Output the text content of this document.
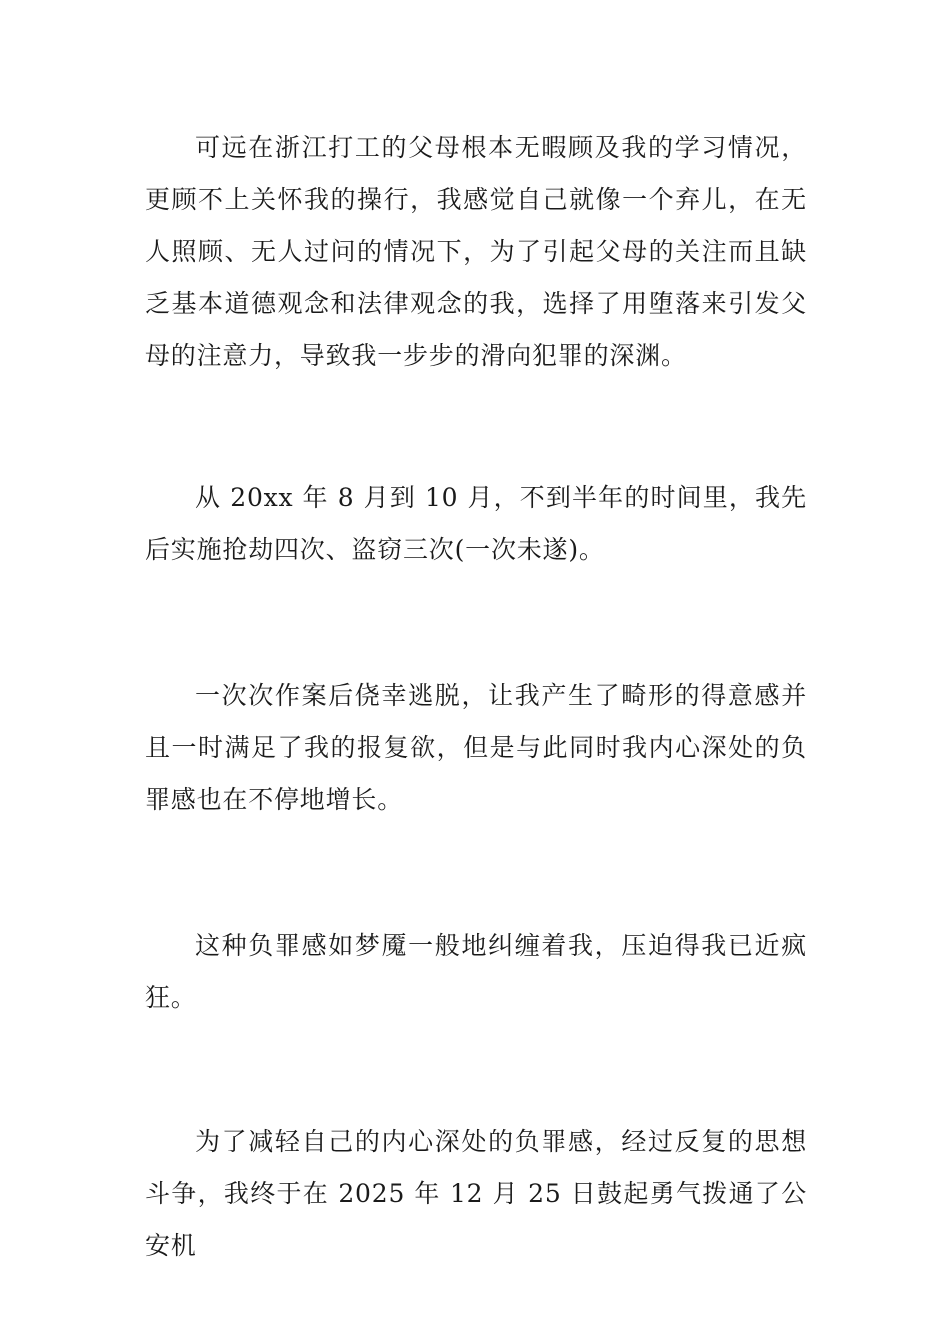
可远在浙江打工的父母根本无暇顾及我的学习情况，更顾不上关怀我的操行，我感觉自己就像一个弃儿，在无人照顾、无人过问的情况下，为了引起父母的关注而且缺乏基本道德观念和法律观念的我，选择了用堕落来引发父母的注意力，导致我一步步的滑向犯罪的深渊。

从 20xx 年 8 月到 10 月，不到半年的时间里，我先后实施抢劫四次、盗窃三次(一次未遂)。

一次次作案后侥幸逃脱，让我产生了畸形的得意感并且一时满足了我的报复欲，但是与此同时我内心深处的负罪感也在不停地增长。

这种负罪感如梦魇一般地纠缠着我，压迫得我已近疯狂。

为了减轻自己的内心深处的负罪感，经过反复的思想斗争，我终于在 2025 年 12 月 25 日鼓起勇气拨通了公安机
